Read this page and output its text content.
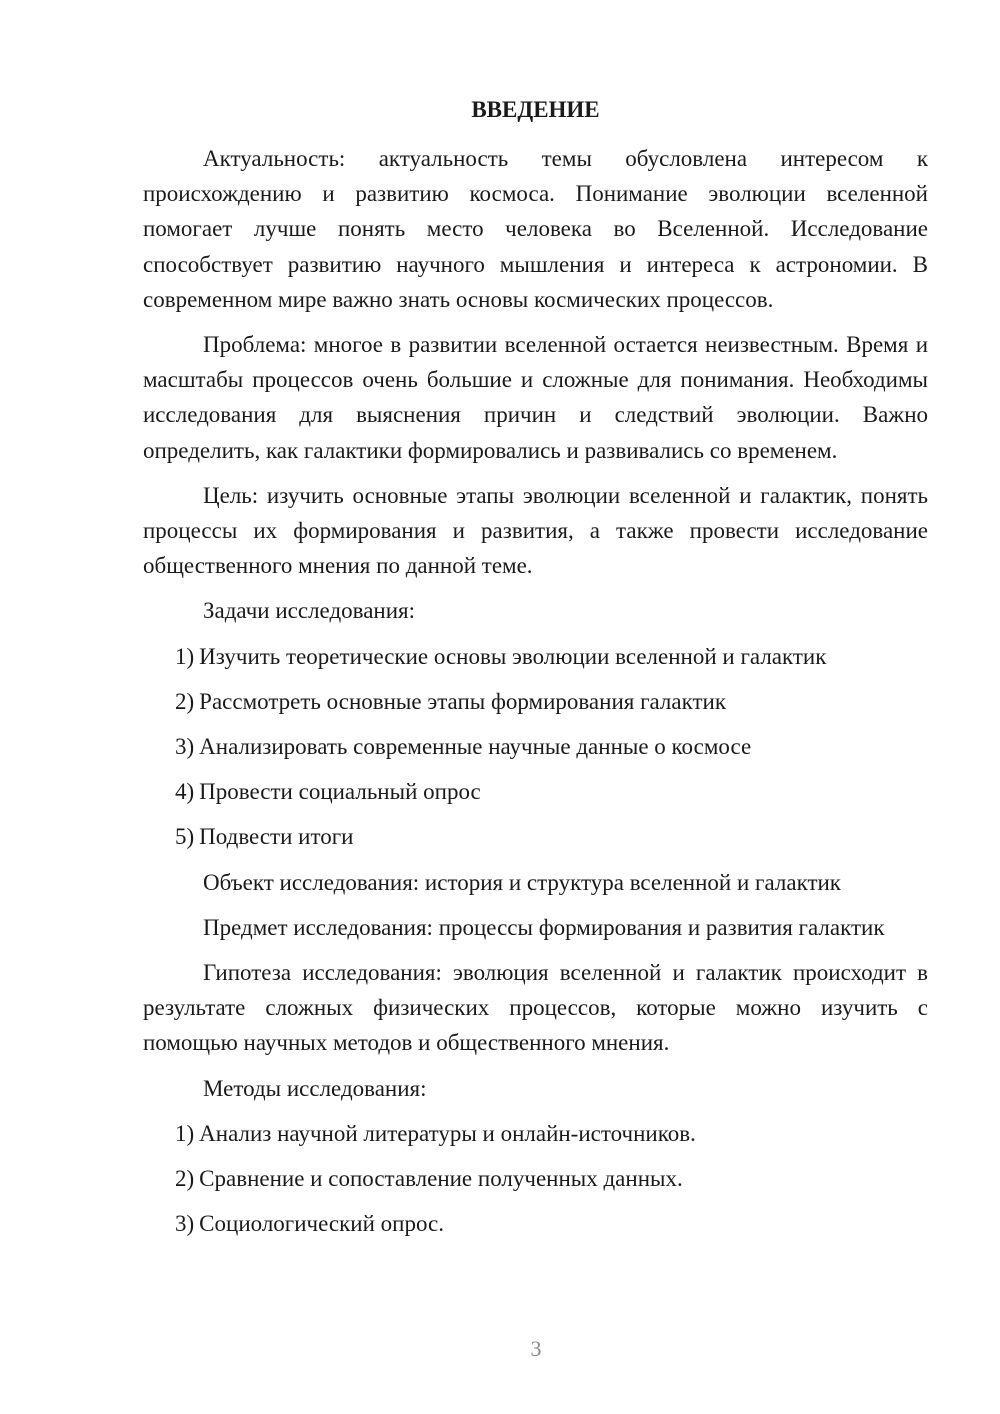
ВВЕДЕНИЕ

Актуальность: актуальность темы обусловлена интересом к происхождению и развитию космоса. Понимание эволюции вселенной помогает лучше понять место человека во Вселенной. Исследование способствует развитию научного мышления и интереса к астрономии. В современном мире важно знать основы космических процессов.

Проблема: многое в развитии вселенной остается неизвестным. Время и масштабы процессов очень большие и сложные для понимания. Необходимы исследования для выяснения причин и следствий эволюции. Важно определить, как галактики формировались и развивались со временем.

Цель: изучить основные этапы эволюции вселенной и галактик, понять процессы их формирования и развития, а также провести исследование общественного мнения по данной теме.

Задачи исследования:

1) Изучить теоретические основы эволюции вселенной и галактик
2) Рассмотреть основные этапы формирования галактик
3) Анализировать современные научные данные о космосе
4) Провести социальный опрос
5) Подвести итоги

Объект исследования: история и структура вселенной и галактик

Предмет исследования: процессы формирования и развития галактик

Гипотеза исследования: эволюция вселенной и галактик происходит в результате сложных физических процессов, которые можно изучить с помощью научных методов и общественного мнения.

Методы исследования:

1) Анализ научной литературы и онлайн-источников.
2) Сравнение и сопоставление полученных данных.
3) Социологический опрос.
3
